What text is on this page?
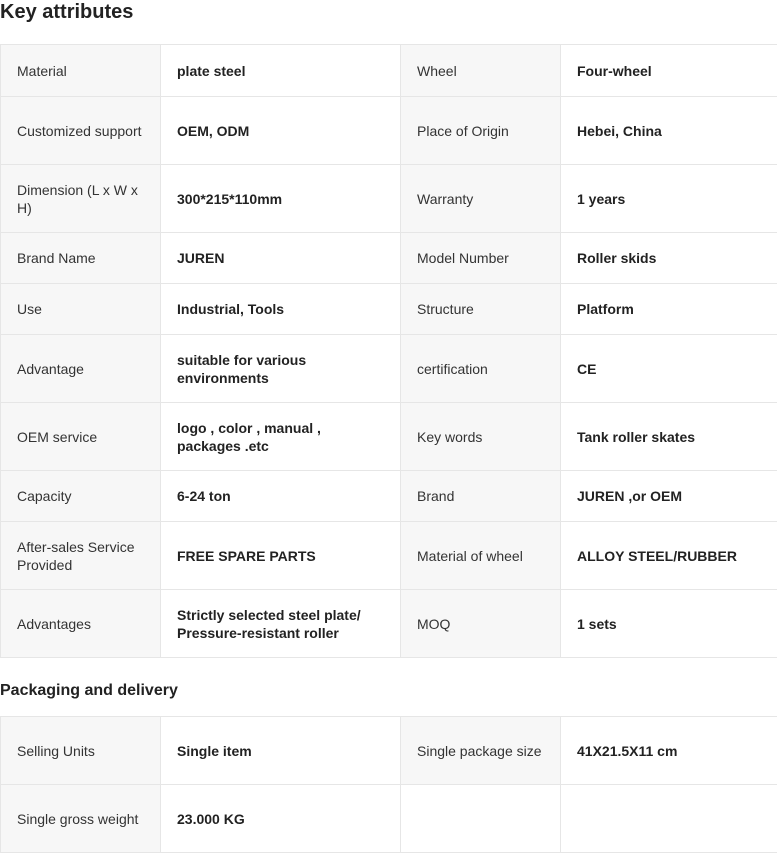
Key attributes
Material	plate steel	Wheel	Four-wheel
Customized support	OEM, ODM	Place of Origin	Hebei, China
Dimension (L x W x H)	300*215*110mm	Warranty	1 years
Brand Name	JUREN	Model Number	Roller skids
Use	Industrial, Tools	Structure	Platform
Advantage	suitable for various environments	certification	CE
OEM service	logo , color , manual , packages .etc	Key words	Tank roller skates
Capacity	6-24 ton	Brand	JUREN ,or OEM
After-sales Service Provided	FREE SPARE PARTS	Material of wheel	ALLOY STEEL/RUBBER
Advantages	Strictly selected steel plate/ Pressure-resistant roller	MOQ	1 sets
Packaging and delivery
Selling Units	Single item	Single package size	41X21.5X11 cm
Single gross weight	23.000 KG		
